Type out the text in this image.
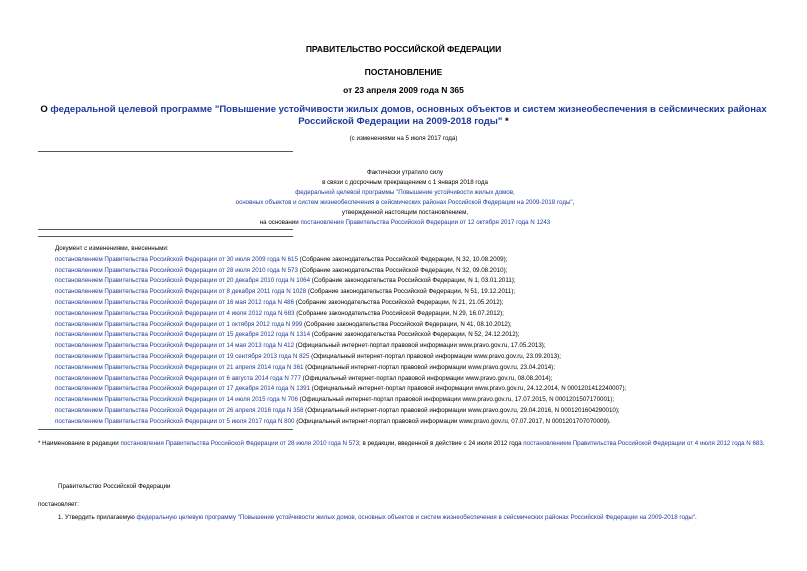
ПРАВИТЕЛЬСТВО РОССИЙСКОЙ ФЕДЕРАЦИИ
ПОСТАНОВЛЕНИЕ
от 23 апреля 2009 года N 365
О федеральной целевой программе "Повышение устойчивости жилых домов, основных объектов и систем жизнеобеспечения в сейсмических районах Российской Федерации на 2009-2018 годы" *
(с изменениями на 5 июля 2017 года)
Фактически утратило силу
в связи с досрочным прекращением с 1 января 2018 года
федеральной целевой программы "Повышение устойчивости жилых домов,
основных объектов и систем жизнеобеспечения в сейсмических районах Российской Федерации на 2009-2018 годы",
утвержденной настоящим постановлением,
на основании постановления Правительства Российской Федерации от 12 октября 2017 года N 1243
Документ с изменениями, внесенными:
постановлением Правительства Российской Федерации от 30 июля 2009 года N 615 (Собрание законодательства Российской Федерации, N 32, 10.08.2009);
постановлением Правительства Российской Федерации от 28 июля 2010 года N 573 (Собрание законодательства Российской Федерации, N 32, 09.08.2010);
постановлением Правительства Российской Федерации от 20 декабря 2010 года N 1064 (Собрание законодательства Российской Федерации, N 1, 03.01.2011);
постановлением Правительства Российской Федерации от 8 декабря 2011 года N 1028 (Собрание законодательства Российской Федерации, N 51, 19.12.2011);
постановлением Правительства Российской Федерации от 16 мая 2012 года N 486 (Собрание законодательства Российской Федерации, N 21, 21.05.2012);
постановлением Правительства Российской Федерации от 4 июля 2012 года N 683 (Собрание законодательства Российской Федерации, N 29, 16.07.2012);
постановлением Правительства Российской Федерации от 1 октября 2012 года N 999 (Собрание законодательства Российской Федерации, N 41, 08.10.2012);
постановлением Правительства Российской Федерации от 15 декабря 2012 года N 1314 (Собрание законодательства Российской Федерации, N 52, 24.12.2012);
постановлением Правительства Российской Федерации от 14 мая 2013 года N 412 (Официальный интернет-портал правовой информации www.pravo.gov.ru, 17.05.2013);
постановлением Правительства Российской Федерации от 19 сентября 2013 года N 825 (Официальный интернет-портал правовой информации www.pravo.gov.ru, 23.09.2013);
постановлением Правительства Российской Федерации от 21 апреля 2014 года N 361 (Официальный интернет-портал правовой информации www.pravo.gov.ru, 23.04.2014);
постановлением Правительства Российской Федерации от 6 августа 2014 года N 777 (Официальный интернет-портал правовой информации www.pravo.gov.ru, 08.08.2014);
постановлением Правительства Российской Федерации от 17 декабря 2014 года N 1391 (Официальный интернет-портал правовой информации www.pravo.gov.ru, 24.12.2014, N 0001201412240007);
постановлением Правительства Российской Федерации от 14 июля 2015 года N 706 (Официальный интернет-портал правовой информации www.pravo.gov.ru, 17.07.2015, N 0001201507170001);
постановлением Правительства Российской Федерации от 26 апреля 2016 года N 358 (Официальный интернет-портал правовой информации www.pravo.gov.ru, 29.04.2016, N 0001201604290010);
постановлением Правительства Российской Федерации от 5 июля 2017 года N 800 (Официальный интернет-портал правовой информации www.pravo.gov.ru, 07.07.2017, N 0001201707070009).
* Наименование в редакции постановления Правительства Российской Федерации от 28 июля 2010 года N 573; в редакции, введенной в действие с 24 июля 2012 года постановлением Правительства Российской Федерации от 4 июля 2012 года N 683.
Правительство Российской Федерации
постановляет:
1. Утвердить прилагаемую федеральную целевую программу "Повышение устойчивости жилых домов, основных объектов и систем жизнеобеспечения в сейсмических районах Российской Федерации на 2009-2018 годы".
